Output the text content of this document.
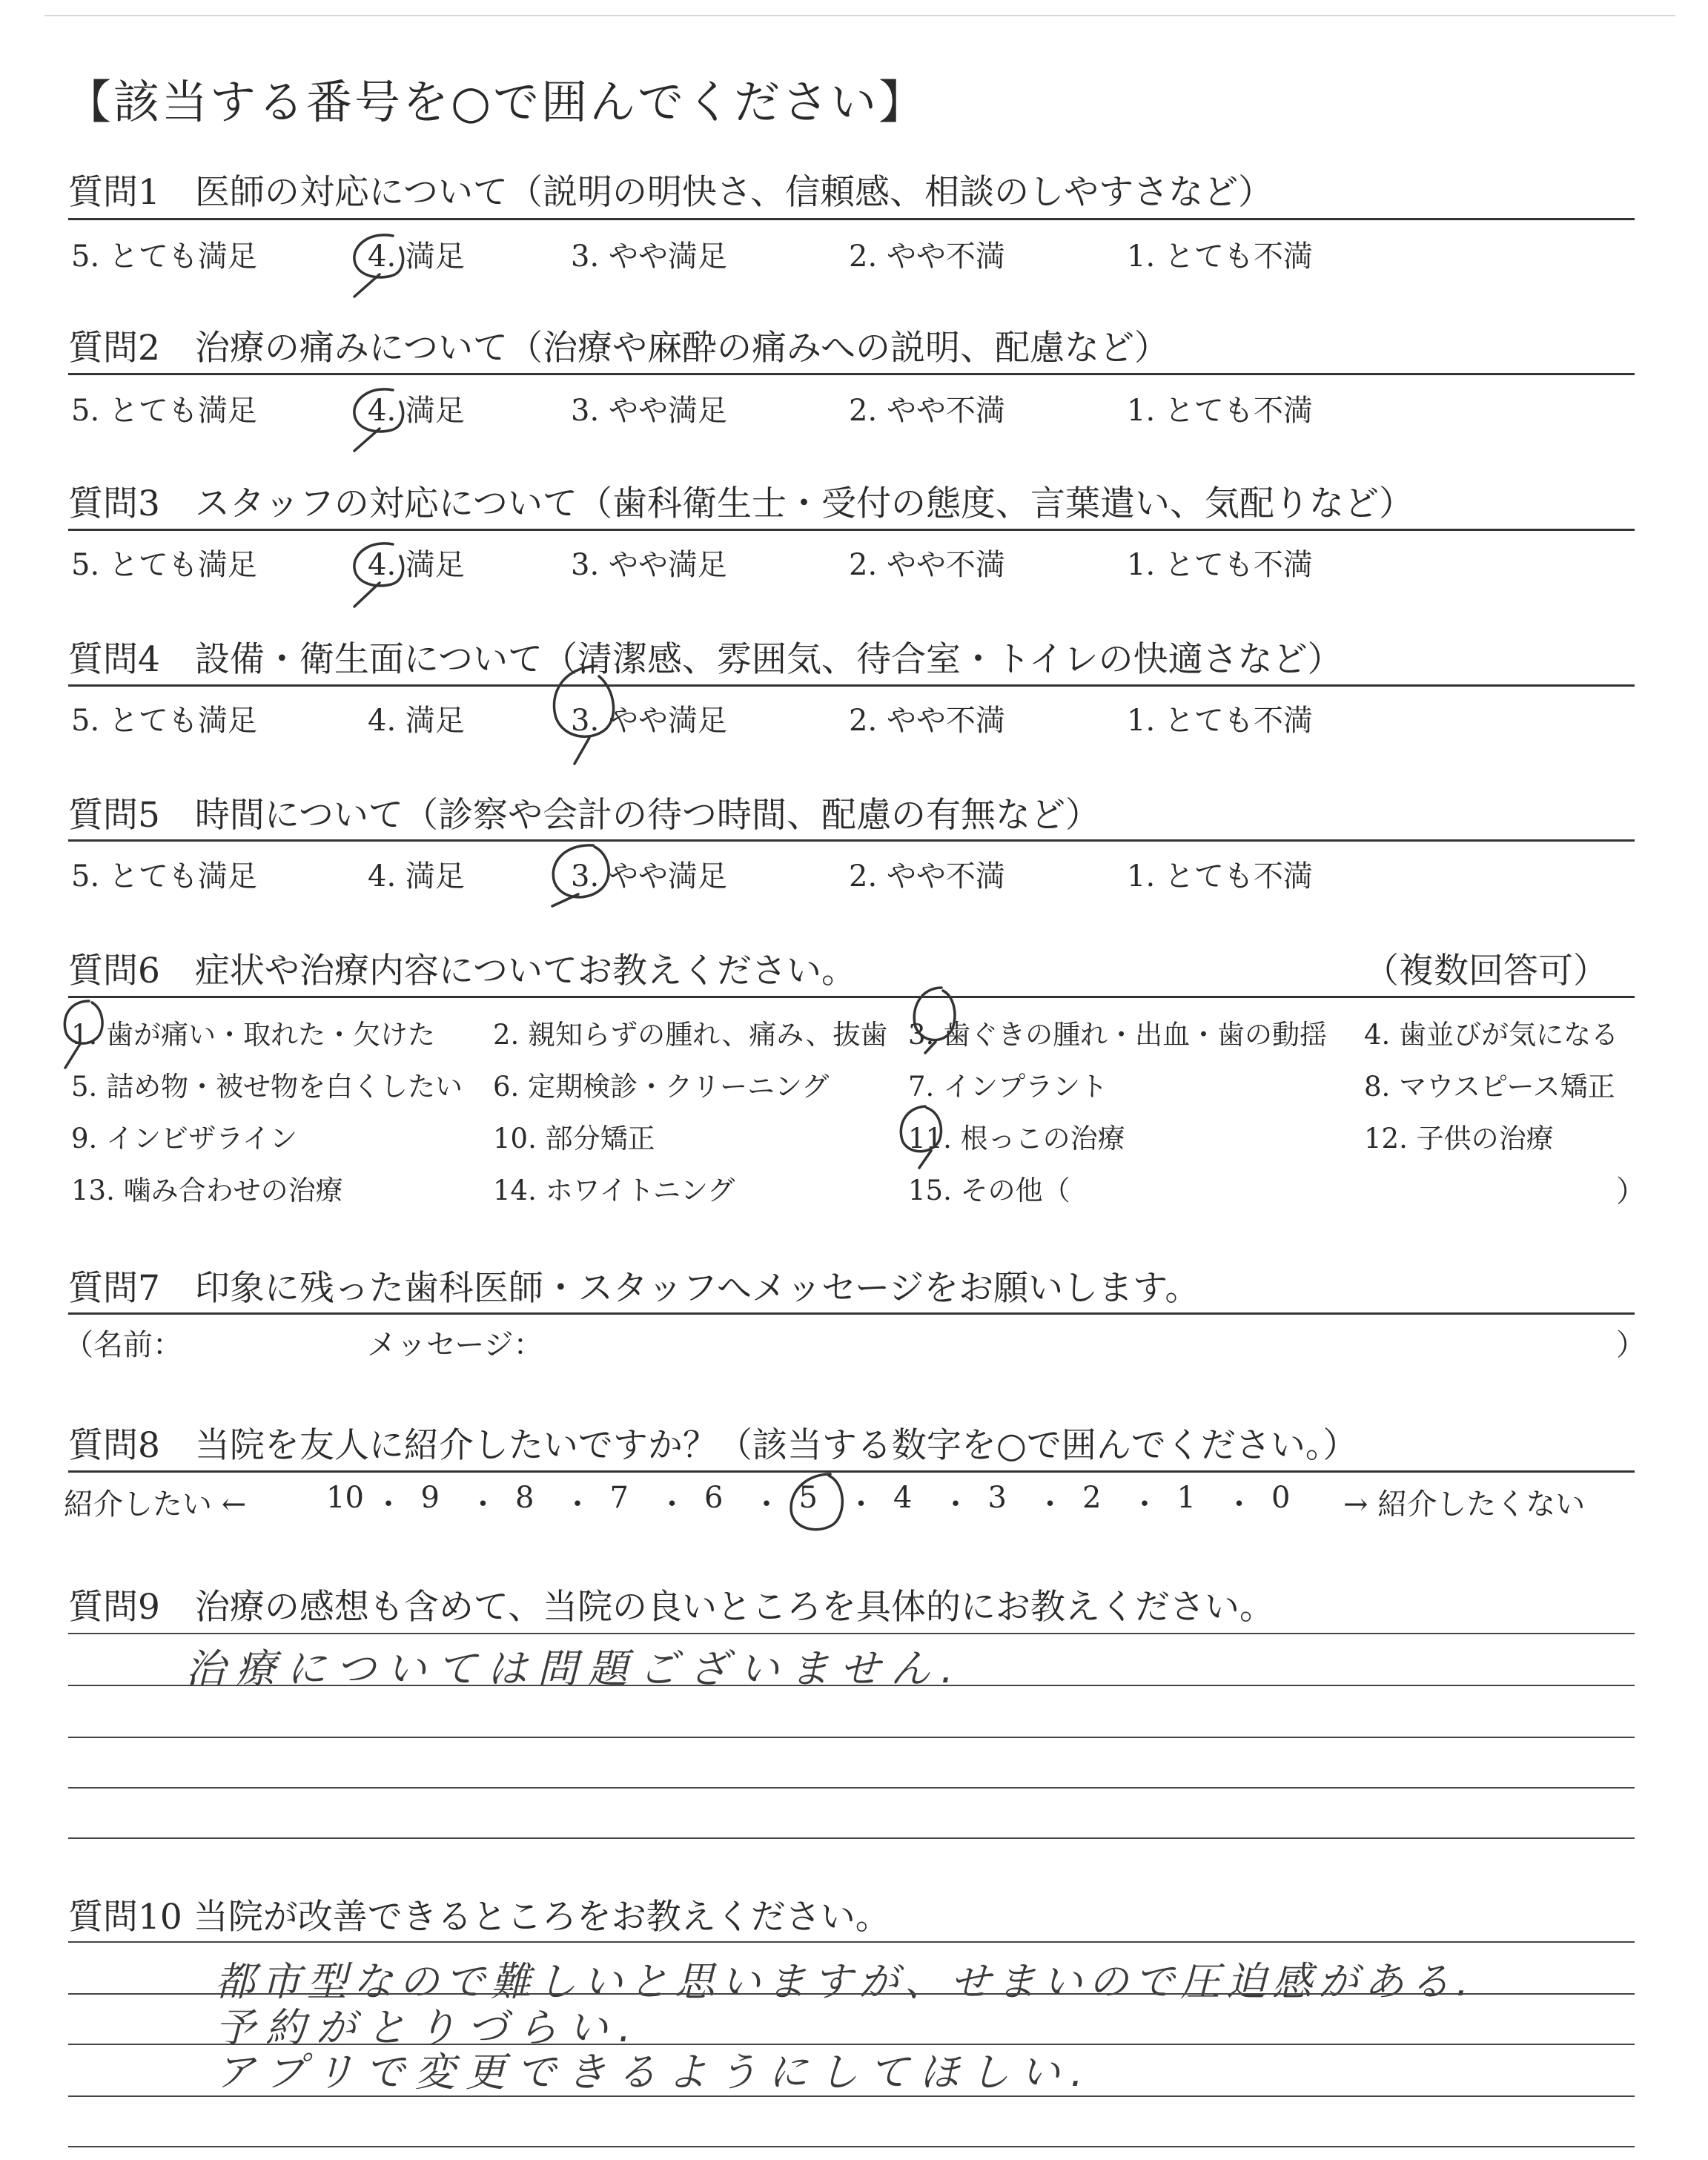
【該当する番号を○で囲んでください】
質問1　医師の対応について（説明の明快さ、信頼感、相談のしやすさなど）
5. とても満足	4. 満足	3. やや満足	2. やや不満	1. とても不満
質問2　治療の痛みについて（治療や麻酔の痛みへの説明、配慮など）
5. とても満足	4. 満足	3. やや満足	2. やや不満	1. とても不満
質問3　スタッフの対応について（歯科衛生士・受付の態度、言葉遣い、気配りなど）
5. とても満足	4. 満足	3. やや満足	2. やや不満	1. とても不満
質問4　設備・衛生面について（清潔感、雰囲気、待合室・トイレの快適さなど）
5. とても満足	4. 満足	3. やや満足	2. やや不満	1. とても不満
質問5　時間について（診察や会計の待つ時間、配慮の有無など）
5. とても満足	4. 満足	3. やや満足	2. やや不満	1. とても不満
質問6　症状や治療内容についてお教えください。	（複数回答可）
1. 歯が痛い・取れた・欠けた 2. 親知らずの腫れ、痛み、抜歯 3. 歯ぐきの腫れ・出血・歯の動揺 4. 歯並びが気になる
5. 詰め物・被せ物を白くしたい 6. 定期検診・クリーニング	7. インプラント	8. マウスピース矯正
9. インビザライン	10. 部分矯正	11. 根っこの治療	12. 子供の治療
13. 噛み合わせの治療	14. ホワイトニング	15. その他（	）
質問7　印象に残った歯科医師・スタッフへメッセージをお願いします。
（名前：	メッセージ：	）
質問8　当院を友人に紹介したいですか？（該当する数字を○で囲んでください。）
紹介したい ←	→ 紹介したくない
10 ・ 9 ・ 8 ・ 7 ・ 6 ・ 5 ・ 4 ・ 3 ・ 2 ・ 1 ・ 0
質問9　治療の感想も含めて、当院の良いところを具体的にお教えください。
治療については問題ございません.
質問10 当院が改善できるところをお教えください。
都市型なので難しいと思いますが、せまいので圧迫感がある.
予約がとりづらい.
アプリで変更できるようにしてほしい.
